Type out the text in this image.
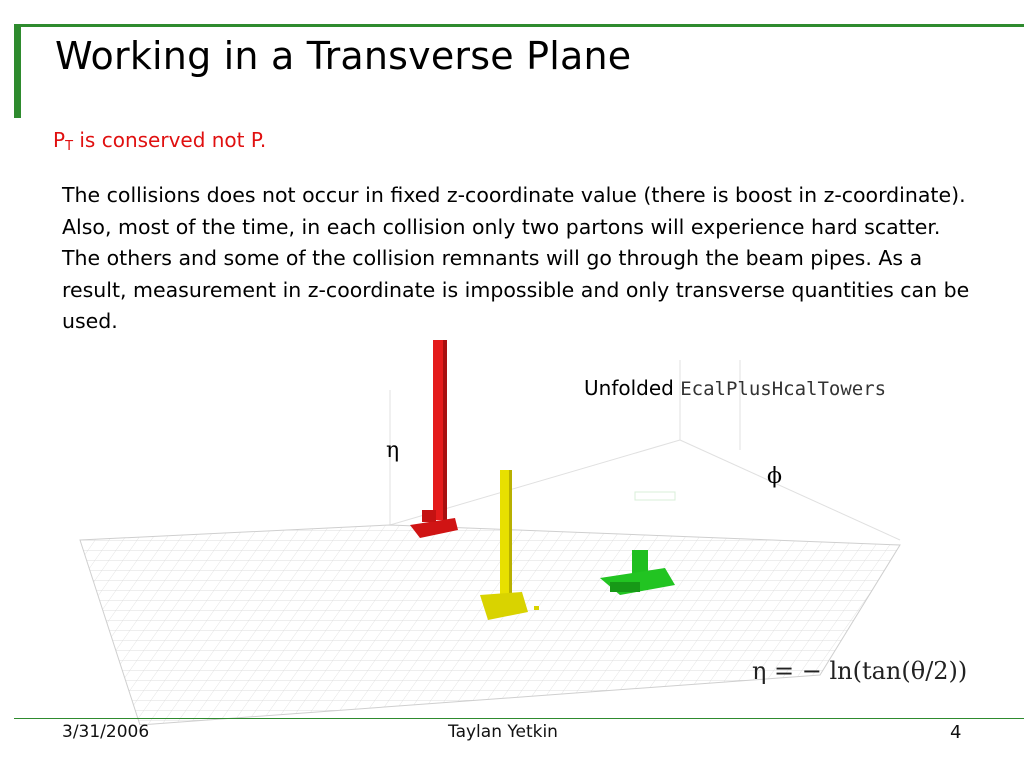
Working in a Transverse Plane
$P_T$ is conserved not P.
The collisions does not occur in fixed z-coordinate value (there is boost in z-coordinate). Also, most of the time, in each collision only two partons will experience hard scatter. The others and some of the collision remnants will go through the beam pipes. As a result, measurement in z-coordinate is impossible and only transverse quantities can be used.
Unfolded EcalPlusHcalTowers
η
ϕ
η = − ln(tan(θ/2))
3/31/2006	Taylan Yetkin	4
